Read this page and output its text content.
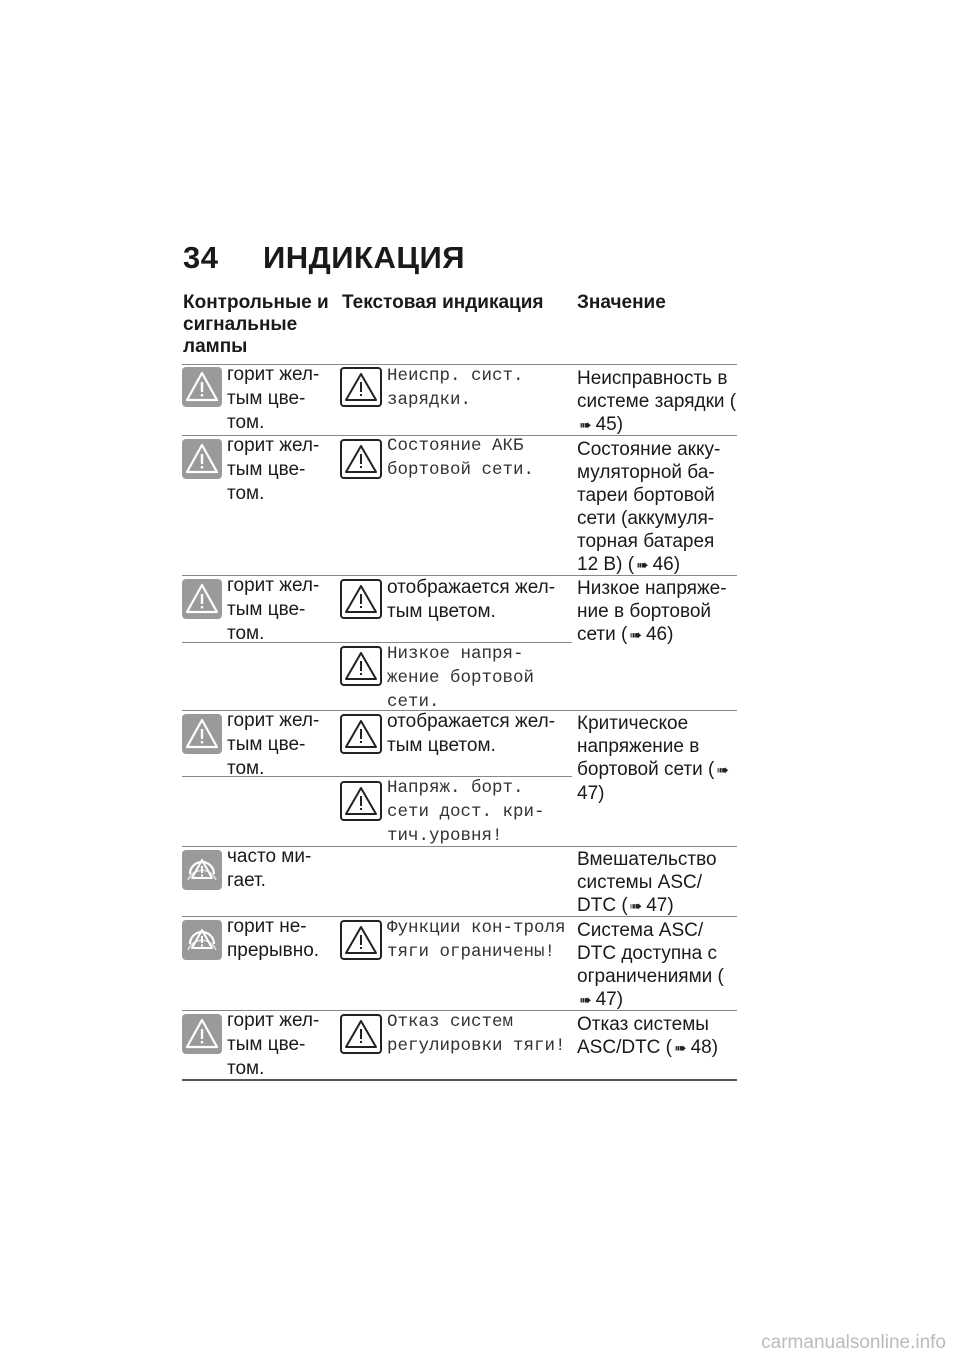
34 ИНДИКАЦИЯ
Контрольные и сигнальные лампы
Текстовая индикация	Значение
горит жел-тым цве-том.
Неиспр. сист. зарядки.
Неисправность в системе зарядки (➠ 45)
горит жел-тым цве-том.
Состояние АКБ бортовой сети.
Состояние акку-муляторной ба-тареи бортовой сети (аккумуля-торная батарея 12 В) ( ➠ 46)
горит жел-тым цве-том.
отображается жел-тым цветом.
Низкое напряже-ние в бортовой сети ( ➠ 46)
Низкое напря-жение бортовой сети.
горит жел-тым цве-том.
отображается жел-тым цветом.
Критическое напряжение в бортовой сети ( ➠47)
Напряж. борт. сети дост. кри-тич.уровня!
часто ми-гает.
Вмешательство системы ASC/ DTC ( ➠ 47)
горит не-прерывно.
Функции кон-троля тяги ограничены!
Система ASC/ DTC доступна с ограничениями (➠ 47)
горит жел-тым цве-том.
Отказ систем регулировки тяги!
Отказ системы ASC/DTC ( ➠ 48)
carmanualsonline.info
